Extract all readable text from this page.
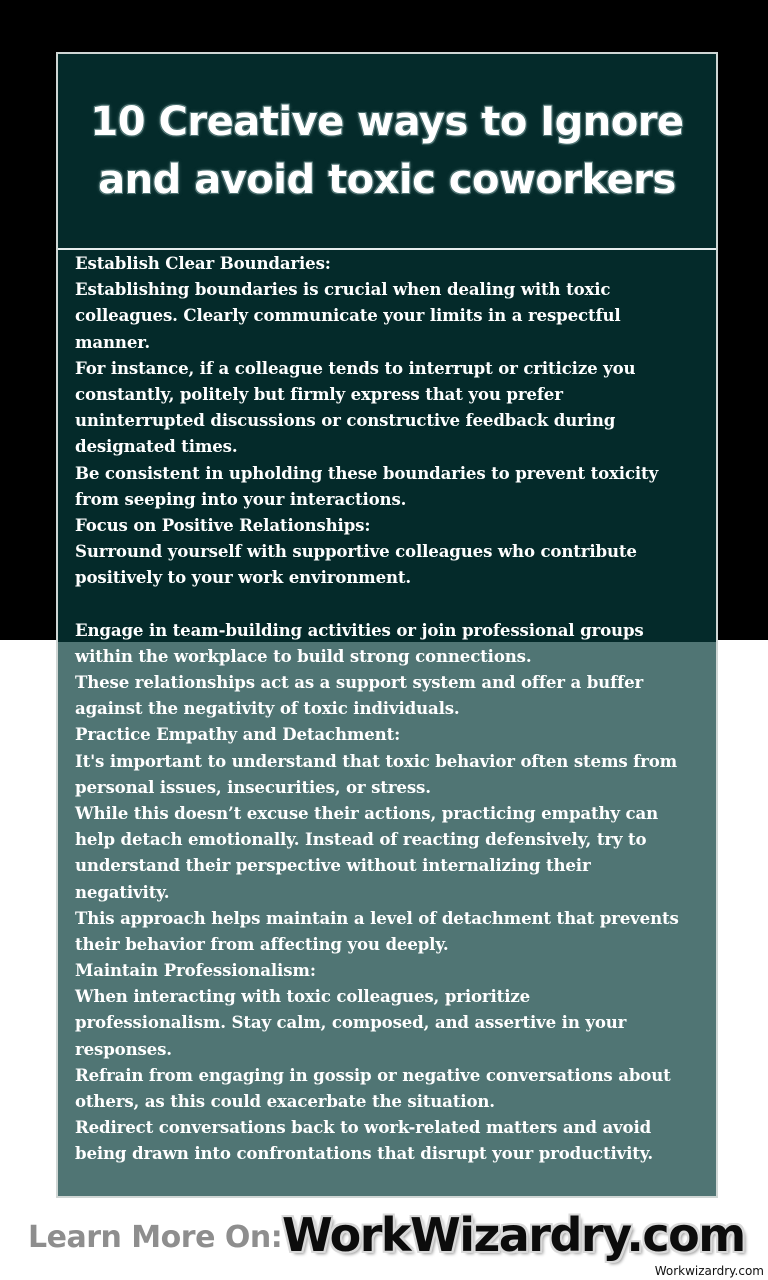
10 Creative ways to Ignore
and avoid toxic coworkers
Establish Clear Boundaries:
Establishing boundaries is crucial when dealing with toxic
colleagues. Clearly communicate your limits in a respectful
manner.
For instance, if a colleague tends to interrupt or criticize you
constantly, politely but firmly express that you prefer
uninterrupted discussions or constructive feedback during
designated times.
Be consistent in upholding these boundaries to prevent toxicity
from seeping into your interactions.
Focus on Positive Relationships:
Surround yourself with supportive colleagues who contribute
positively to your work environment.
Engage in team-building activities or join professional groups
within the workplace to build strong connections.
These relationships act as a support system and offer a buffer
against the negativity of toxic individuals.
Practice Empathy and Detachment:
It's important to understand that toxic behavior often stems from
personal issues, insecurities, or stress.
While this doesn’t excuse their actions, practicing empathy can
help detach emotionally. Instead of reacting defensively, try to
understand their perspective without internalizing their
negativity.
This approach helps maintain a level of detachment that prevents
their behavior from affecting you deeply.
Maintain Professionalism:
When interacting with toxic colleagues, prioritize
professionalism. Stay calm, composed, and assertive in your
responses.
Refrain from engaging in gossip or negative conversations about
others, as this could exacerbate the situation.
Redirect conversations back to work-related matters and avoid
being drawn into confrontations that disrupt your productivity.
Learn More On: WorkWizardry.com
Workwizardry.com
